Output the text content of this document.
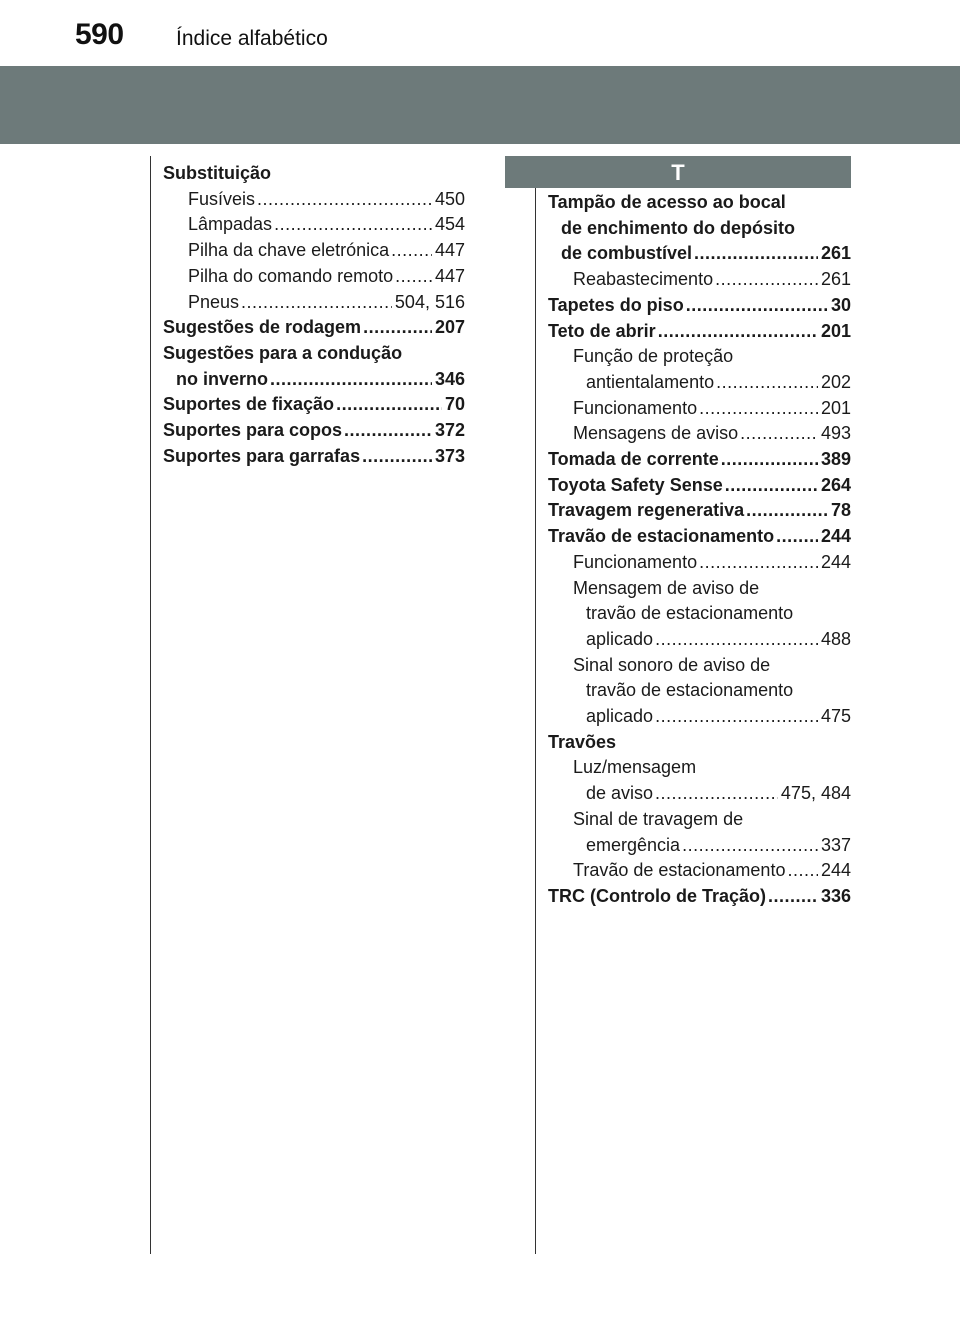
590 Índice alfabético
Substituição
Fusíveis .....	450
Lâmpadas .....	454
Pilha da chave eletrónica .....	447
Pilha do comando remoto ..... 447
Pneus .....	504, 516
Sugestões de rodagem .....	207
Sugestões para a condução
no inverno .....	346
Suportes de fixação .....	70
Suportes para copos .....	372
Suportes para garrafas .....	373
T
Tampão de acesso ao bocal
de enchimento do depósito
de combustível .....	261
Reabastecimento .....	261
Tapetes do piso .....	30
Teto de abrir .....	201
Função de proteção
antientalamento .....	202
Funcionamento .....	201
Mensagens de aviso .....	493
Tomada de corrente .....	389
Toyota Safety Sense .....	264
Travagem regenerativa .....	78
Travão de estacionamento .....	244
Funcionamento .....	244
Mensagem de aviso de
travão de estacionamento
aplicado .....	488
Sinal sonoro de aviso de
travão de estacionamento
aplicado .....	475
Travões
Luz/mensagem
de aviso .....	475, 484
Sinal de travagem de
emergência .....	337
Travão de estacionamento ..... 244
TRC (Controlo de Tração) .....	336
